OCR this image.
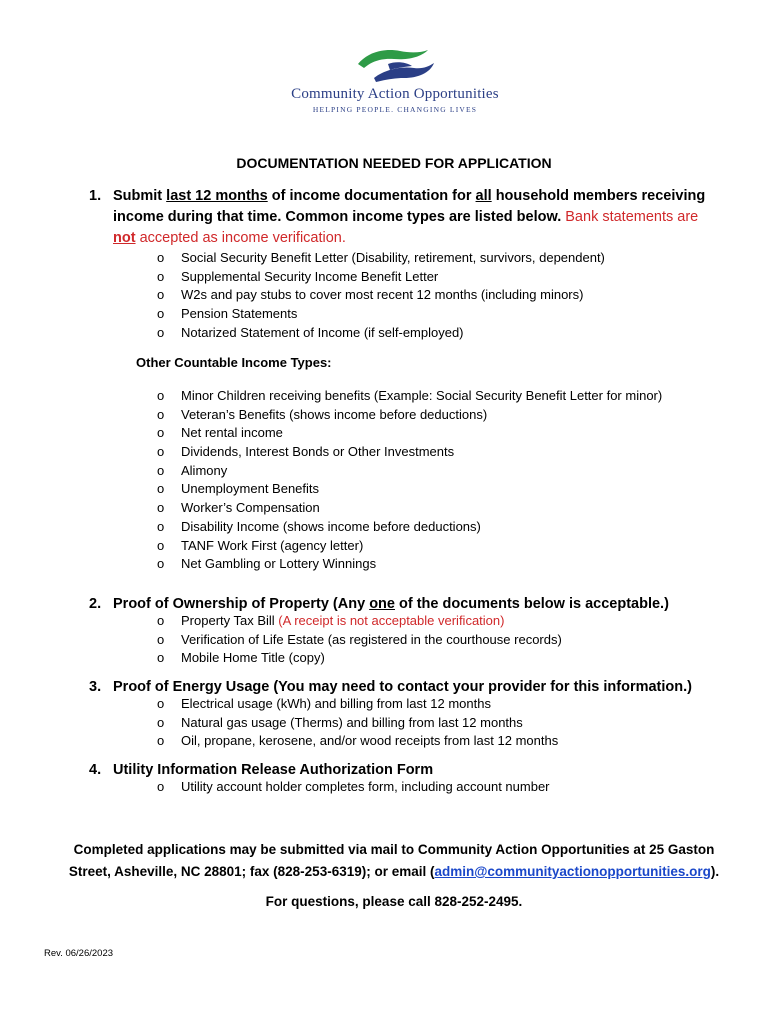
Community Action Opportunities
HELPING PEOPLE. CHANGING LIVES
DOCUMENTATION NEEDED FOR APPLICATION
1. Submit last 12 months of income documentation for all household members receiving
income during that time. Common income types are listed below. Bank statements are
not accepted as income verification.
o Social Security Benefit Letter (Disability, retirement, survivors, dependent)
o Supplemental Security Income Benefit Letter
o W2s and pay stubs to cover most recent 12 months (including minors)
o Pension Statements
o Notarized Statement of Income (if self-employed)
Other Countable Income Types:
o Minor Children receiving benefits (Example: Social Security Benefit Letter for minor)
o Veteran’s Benefits (shows income before deductions)
o Net rental income
o Dividends, Interest Bonds or Other Investments
o Alimony
o Unemployment Benefits
o Worker’s Compensation
o Disability Income (shows income before deductions)
o TANF Work First (agency letter)
o Net Gambling or Lottery Winnings
2. Proof of Ownership of Property (Any one of the documents below is acceptable.)
o Property Tax Bill (A receipt is not acceptable verification)
o Verification of Life Estate (as registered in the courthouse records)
o Mobile Home Title (copy)
3. Proof of Energy Usage (You may need to contact your provider for this information.)
o Electrical usage (kWh) and billing from last 12 months
o Natural gas usage (Therms) and billing from last 12 months
o Oil, propane, kerosene, and/or wood receipts from last 12 months
4. Utility Information Release Authorization Form
o Utility account holder completes form, including account number
Completed applications may be submitted via mail to Community Action Opportunities at 25 Gaston
Street, Asheville, NC 28801; fax (828-253-6319); or email (admin@communityactionopportunities.org).
For questions, please call 828-252-2495.
Rev. 06/26/2023
